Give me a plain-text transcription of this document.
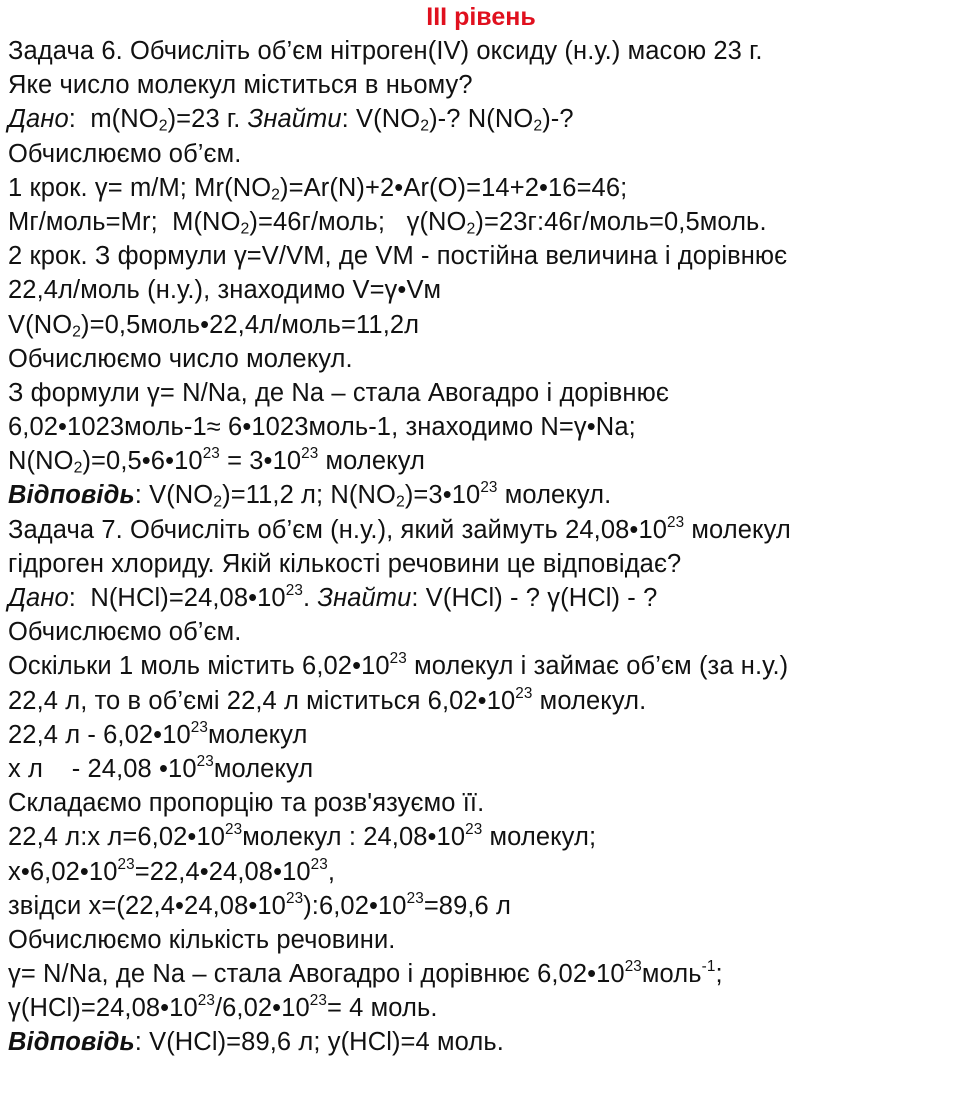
III рівень
Задача 6. Обчисліть об’єм нітроген(IV) оксиду (н.у.) масою 23 г.
Яке число молекул міститься в ньому?
Дано:  $m(NO_2)=23$ г. Знайти: $V(NO_2)-$? $N(NO_2)-$?
Обчислюємо об’єм.
1 крок. γ= m/M; $Mr(NO_2)=Ar(N)+2•Ar(O)=14+2•16=46$;
Mг/моль=Mr;  $M(NO_2)=46г$/моль;   $\gamma(NO_2)=23г:46г/моль=0,5моль$.
2 крок. З формули γ=V/VM, де VM - постійна величина і дорівнює
22,4л/моль (н.у.), знаходимо V=γ•Vм
$V(NO_2)=0,5моль•22,4л/моль=11,2л$
Обчислюємо число молекул.
З формули γ= N/Na, де Na – стала Авогадро і дорівнює
6,02•1023моль-1≈ 6•1023моль-1, знаходимо N=γ•Na;
$N(NO_2)=0,5•6•10^{23}$ = $3•10^{23}$ молекул
Відповідь: $V(NO_2)=11,2$ л; $N(NO_2)=3•10^{23}$ молекул.
Задача 7. Обчисліть об’єм (н.у.), який займуть $24,08•10^{23}$ молекул
гідроген хлориду. Якій кількості речовини це відповідає?
Дано:  $N(HCl)=24,08•10^{23}$. Знайти: V(HCl) - ? γ(HCl) - ?
Обчислюємо об’єм.
Оскільки 1 моль містить $6,02•10^{23}$ молекул і займає об’єм (за н.у.)
22,4 л, то в об’ємі 22,4 л міститься $6,02•10^{23}$ молекул.
22,4 л - $6,02•10^{23}молекул$
х л    - 24,08 $•10^{23}молекул$
Складаємо пропорцію та розв'язуємо її.
22,4 л:х $л=6,02•10^{23}молекул$ : $24,08•10^{23}$ молекул;
$х•6,02•10^{23}=22,4•24,08•10^{23}$,
звідси $х=(22,4•24,08•10^{23}):6,02•10^{23}=89,6$ л
Обчислюємо кількість речовини.
γ= N/Na, де Na – стала Авогадро і дорівнює $6,02•10^{23}моль^{-1}$;
$\gamma(HCl)=24,08•10^{23}/6,02•10^{23}= 4$ моль.
Відповідь: V(HCl)=89,6 л; у(HCl)=4 моль.
